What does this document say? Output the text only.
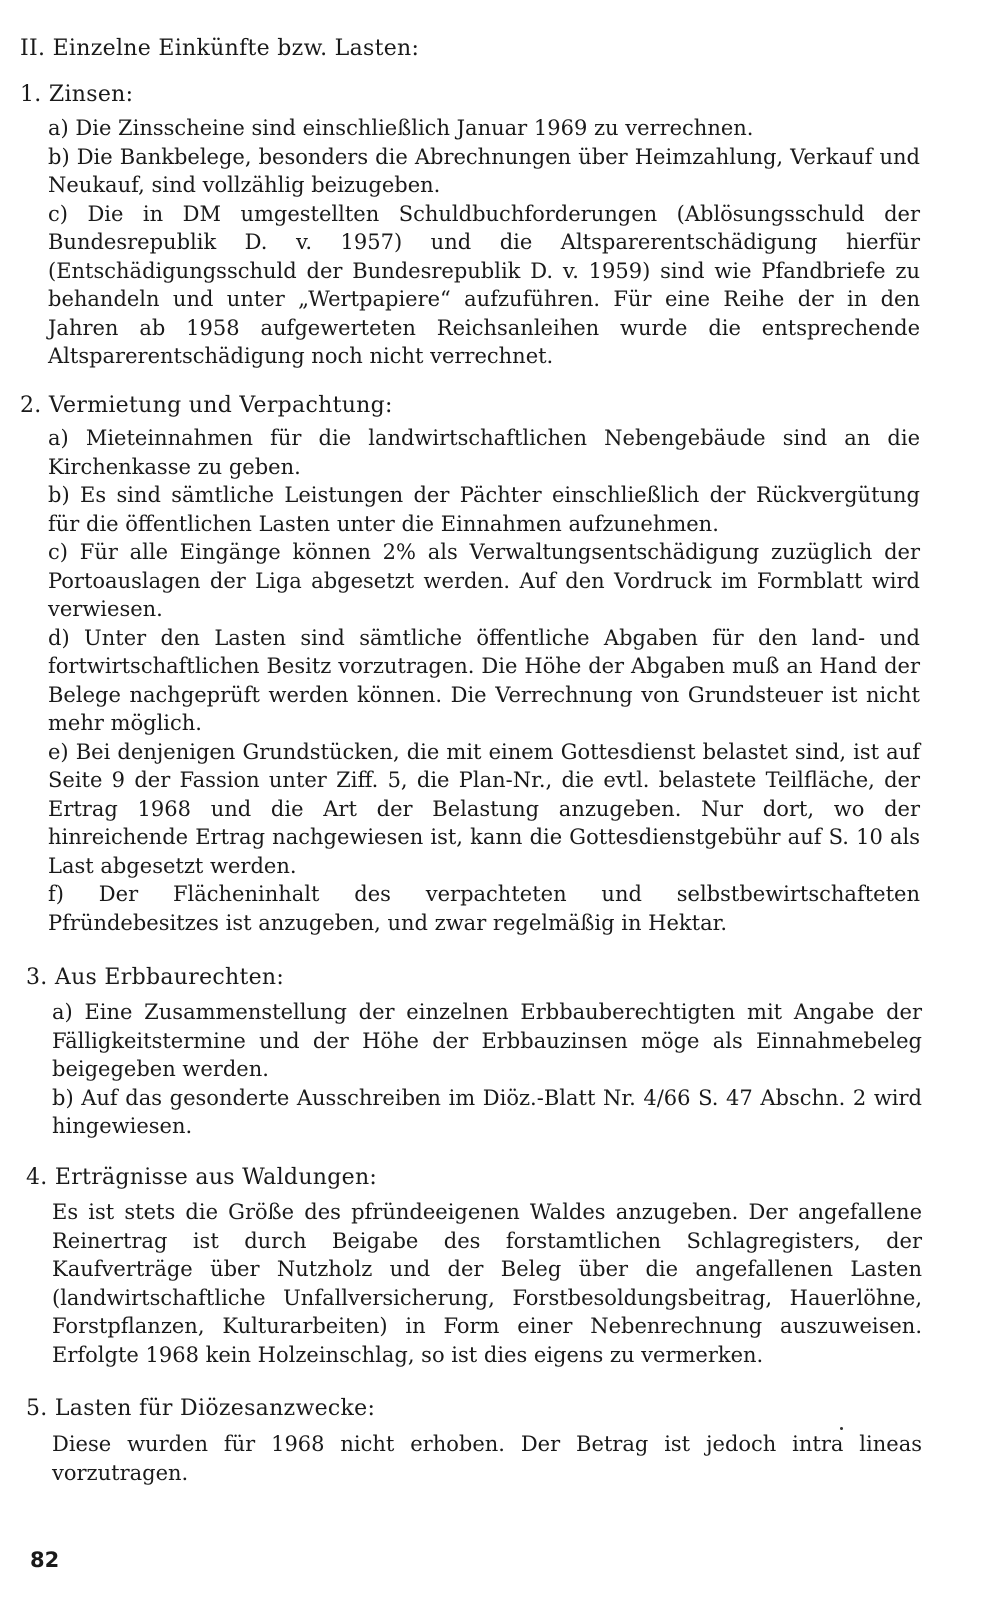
II. Einzelne Einkünfte bzw. Lasten:
1. Zinsen:

a) Die Zinsscheine sind einschließlich Januar 1969 zu verrechnen.

b) Die Bankbelege, besonders die Abrechnungen über Heimzahlung, Verkauf und Neukauf, sind vollzählig beizugeben.

c) Die in DM umgestellten Schuldbuchforderungen (Ablösungsschuld der Bundesrepublik D. v. 1957) und die Altsparerentschädigung hierfür (Entschädigungsschuld der Bundesrepublik D. v. 1959) sind wie Pfandbriefe zu behandeln und unter „Wertpapiere“ aufzuführen. Für eine Reihe der in den Jahren ab 1958 aufgewerteten Reichsanleihen wurde die entsprechende Altsparerentschädigung noch nicht verrechnet.

2. Vermietung und Verpachtung:

a) Mieteinnahmen für die landwirtschaftlichen Nebengebäude sind an die Kirchenkasse zu geben.

b) Es sind sämtliche Leistungen der Pächter einschließlich der Rückvergütung für die öffentlichen Lasten unter die Einnahmen aufzunehmen.

c) Für alle Eingänge können 2% als Verwaltungsentschädigung zuzüglich der Portoauslagen der Liga abgesetzt werden. Auf den Vordruck im Formblatt wird verwiesen.

d) Unter den Lasten sind sämtliche öffentliche Abgaben für den land- und fortwirtschaftlichen Besitz vorzutragen. Die Höhe der Abgaben muß an Hand der Belege nachgeprüft werden können. Die Verrechnung von Grundsteuer ist nicht mehr möglich.

e) Bei denjenigen Grundstücken, die mit einem Gottesdienst belastet sind, ist auf Seite 9 der Fassion unter Ziff. 5, die Plan-Nr., die evtl. belastete Teilfläche, der Ertrag 1968 und die Art der Belastung anzugeben. Nur dort, wo der hinreichende Ertrag nachgewiesen ist, kann die Gottesdienstgebühr auf S. 10 als Last abgesetzt werden.

f) Der Flächeninhalt des verpachteten und selbstbewirtschafteten Pfründebesitzes ist anzugeben, und zwar regelmäßig in Hektar.

3. Aus Erbbaurechten:

a) Eine Zusammenstellung der einzelnen Erbbauberechtigten mit Angabe der Fälligkeitstermine und der Höhe der Erbbauzinsen möge als Einnahmebeleg beigegeben werden.

b) Auf das gesonderte Ausschreiben im Diöz.-Blatt Nr. 4/66 S. 47 Abschn. 2 wird hingewiesen.

4. Erträgnisse aus Waldungen:

Es ist stets die Größe des pfründeeigenen Waldes anzugeben. Der angefallene Reinertrag ist durch Beigabe des forstamtlichen Schlagregisters, der Kaufverträge über Nutzholz und der Beleg über die angefallenen Lasten (landwirtschaftliche Unfallversicherung, Forstbesoldungsbeitrag, Hauerlöhne, Forstpflanzen, Kulturarbeiten) in Form einer Nebenrechnung auszuweisen. Erfolgte 1968 kein Holzeinschlag, so ist dies eigens zu vermerken.

5. Lasten für Diözesanzwecke:

Diese wurden für 1968 nicht erhoben. Der Betrag ist jedoch intra lineas vorzutragen.

82
